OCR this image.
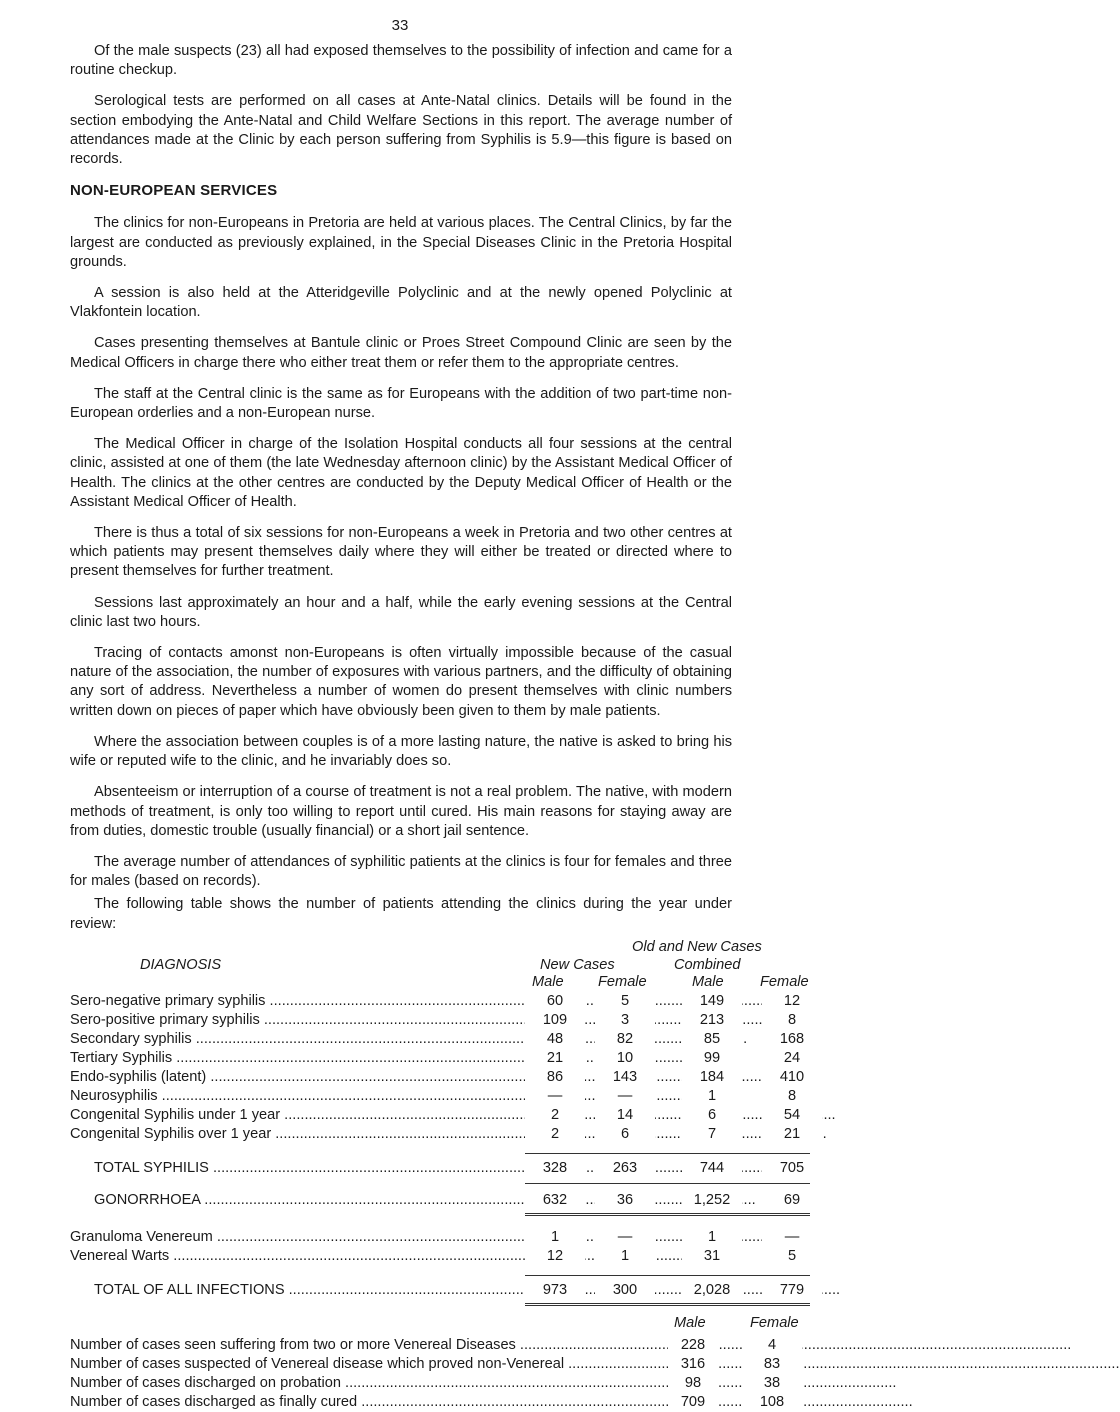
33

Of the male suspects (23) all had exposed themselves to the possibility of infection and came for a routine checkup.

Serological tests are performed on all cases at Ante-Natal clinics. Details will be found in the section embodying the Ante-Natal and Child Welfare Sections in this report. The average number of attendances made at the Clinic by each person suffering from Syphilis is 5.9—this figure is based on records.

NON-EUROPEAN SERVICES

The clinics for non-Europeans in Pretoria are held at various places. The Central Clinics, by far the largest are conducted as previously explained, in the Special Diseases Clinic in the Pretoria Hospital grounds.

A session is also held at the Atteridgeville Polyclinic and at the newly opened Polyclinic at Vlakfontein location.

Cases presenting themselves at Bantule clinic or Proes Street Compound Clinic are seen by the Medical Officers in charge there who either treat them or refer them to the appropriate centres.

The staff at the Central clinic is the same as for Europeans with the addition of two part-time non-European orderlies and a non-European nurse.

The Medical Officer in charge of the Isolation Hospital conducts all four sessions at the central clinic, assisted at one of them (the late Wednesday afternoon clinic) by the Assistant Medical Officer of Health. The clinics at the other centres are conducted by the Deputy Medical Officer of Health or the Assistant Medical Officer of Health.

There is thus a total of six sessions for non-Europeans a week in Pretoria and two other centres at which patients may present themselves daily where they will either be treated or directed where to present themselves for further treatment.

Sessions last approximately an hour and a half, while the early evening sessions at the Central clinic last two hours.

Tracing of contacts amonst non-Europeans is often virtually impossible because of the casual nature of the association, the number of exposures with various partners, and the difficulty of obtaining any sort of address. Nevertheless a number of women do present themselves with clinic numbers written down on pieces of paper which have obviously been given to them by male patients.

Where the association between couples is of a more lasting nature, the native is asked to bring his wife or reputed wife to the clinic, and he invariably does so.

Absenteeism or interruption of a course of treatment is not a real problem. The native, with modern methods of treatment, is only too willing to report until cured. His main reasons for staying away are from duties, domestic trouble (usually financial) or a short jail sentence.

The average number of attendances of syphilitic patients at the clinics is four for females and three for males (based on records).

The following table shows the number of patients attending the clinics during the year under review:

Old and New Cases
Combined
DIAGNOSIS	New Cases
Male Female	Male Female
Sero-negative primary syphilis .....	60	5	149	12
Sero-positive primary syphilis .....	109	3	213	8
Secondary syphilis .....	48	82	85	168
Tertiary Syphilis .....	21	10	99	24
Endo-syphilis (latent) .....	86	143	184	410
Neurosyphilis .....	—	—	1	8
Congenital Syphilis under 1 year .....	2	14	6	54
Congenital Syphilis over 1 year .....	2	6	7	21
TOTAL SYPHILIS .....	328	263	744	705
GONORRHOEA .....	632	36	1,252	69
Granuloma Venereum .....	1	—	1	—
Venereal Warts .....	12	1	31	5
TOTAL OF ALL INFECTIONS .....	973	300	2,028	779
Male	Female
Number of cases seen suffering from two or more Venereal Diseases .....	228	4
Number of cases suspected of Venereal disease which proved non-Venereal .....	316	83
Number of cases discharged on probation .....	98	38
Number of cases discharged as finally cured .....	709	108
